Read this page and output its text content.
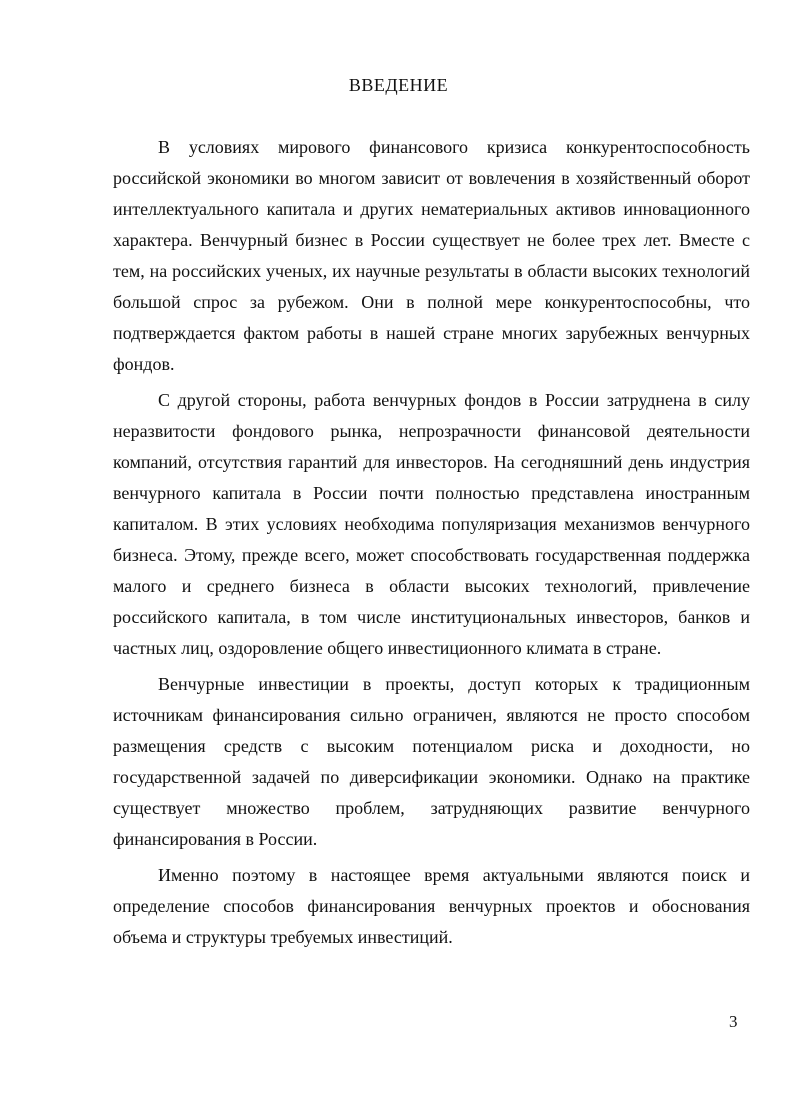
ВВЕДЕНИЕ

В условиях мирового финансового кризиса конкурентоспособность российской экономики во многом зависит от вовлечения в хозяйственный оборот интеллектуального капитала и других нематериальных активов инновационного характера. Венчурный бизнес в России существует не более трех лет. Вместе с тем, на российских ученых, их научные результаты в области высоких технологий большой спрос за рубежом. Они в полной мере конкурентоспособны, что подтверждается фактом работы в нашей стране многих зарубежных венчурных фондов.

С другой стороны, работа венчурных фондов в России затруднена в силу неразвитости фондового рынка, непрозрачности финансовой деятельности компаний, отсутствия гарантий для инвесторов. На сегодняшний день индустрия венчурного капитала в России почти полностью представлена иностранным капиталом. В этих условиях необходима популяризация механизмов венчурного бизнеса. Этому, прежде всего, может способствовать государственная поддержка малого и среднего бизнеса в области высоких технологий, привлечение российского капитала, в том числе институциональных инвесторов, банков и частных лиц, оздоровление общего инвестиционного климата в стране.

Венчурные инвестиции в проекты, доступ которых к традиционным источникам финансирования сильно ограничен, являются не просто способом размещения средств с высоким потенциалом риска и доходности, но государственной задачей по диверсификации экономики. Однако на практике существует множество проблем, затрудняющих развитие венчурного финансирования в России.

Именно поэтому в настоящее время актуальными являются поиск и определение способов финансирования венчурных проектов и обоснования объема и структуры требуемых инвестиций.

3
